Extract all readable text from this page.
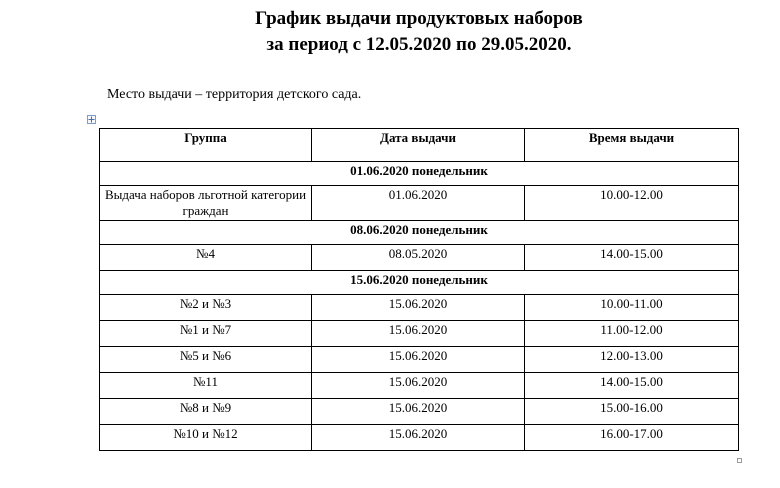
График выдачи продуктовых наборов
за период с 12.05.2020 по 29.05.2020.
Место выдачи – территория детского сада.
Группа	Дата выдачи	Время выдачи
01.06.2020 понедельник		
Выдача наборов льготной категории граждан	01.06.2020	10.00-12.00
08.06.2020 понедельник		
№4	08.05.2020	14.00-15.00
15.06.2020 понедельник		
№2 и №3	15.06.2020	10.00-11.00
№1 и №7	15.06.2020	11.00-12.00
№5 и №6	15.06.2020	12.00-13.00
№11	15.06.2020	14.00-15.00
№8 и №9	15.06.2020	15.00-16.00
№10 и №12	15.06.2020	16.00-17.00
